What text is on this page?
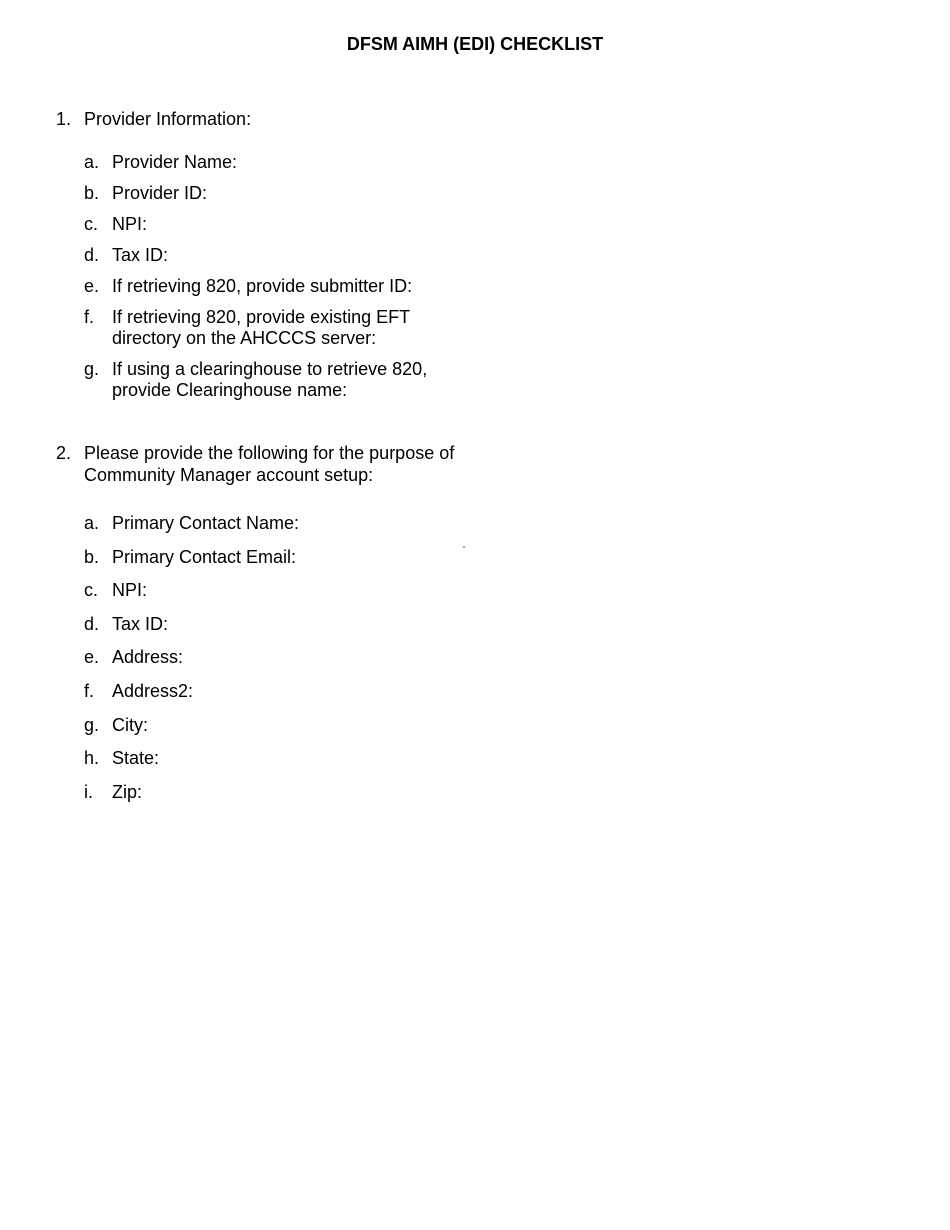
DFSM AIMH (EDI) CHECKLIST
1. Provider Information:
a. Provider Name:
b. Provider ID:
c. NPI:
d. Tax ID:
e. If retrieving 820, provide submitter ID:
f. If retrieving 820, provide existing EFT directory on the AHCCCS server:
g. If using a clearinghouse to retrieve 820, provide Clearinghouse name:
2. Please provide the following for the purpose of Community Manager account setup:
a. Primary Contact Name:
b. Primary Contact Email:
c. NPI:
d. Tax ID:
e. Address:
f. Address2:
g. City:
h. State:
i.	Zip:
